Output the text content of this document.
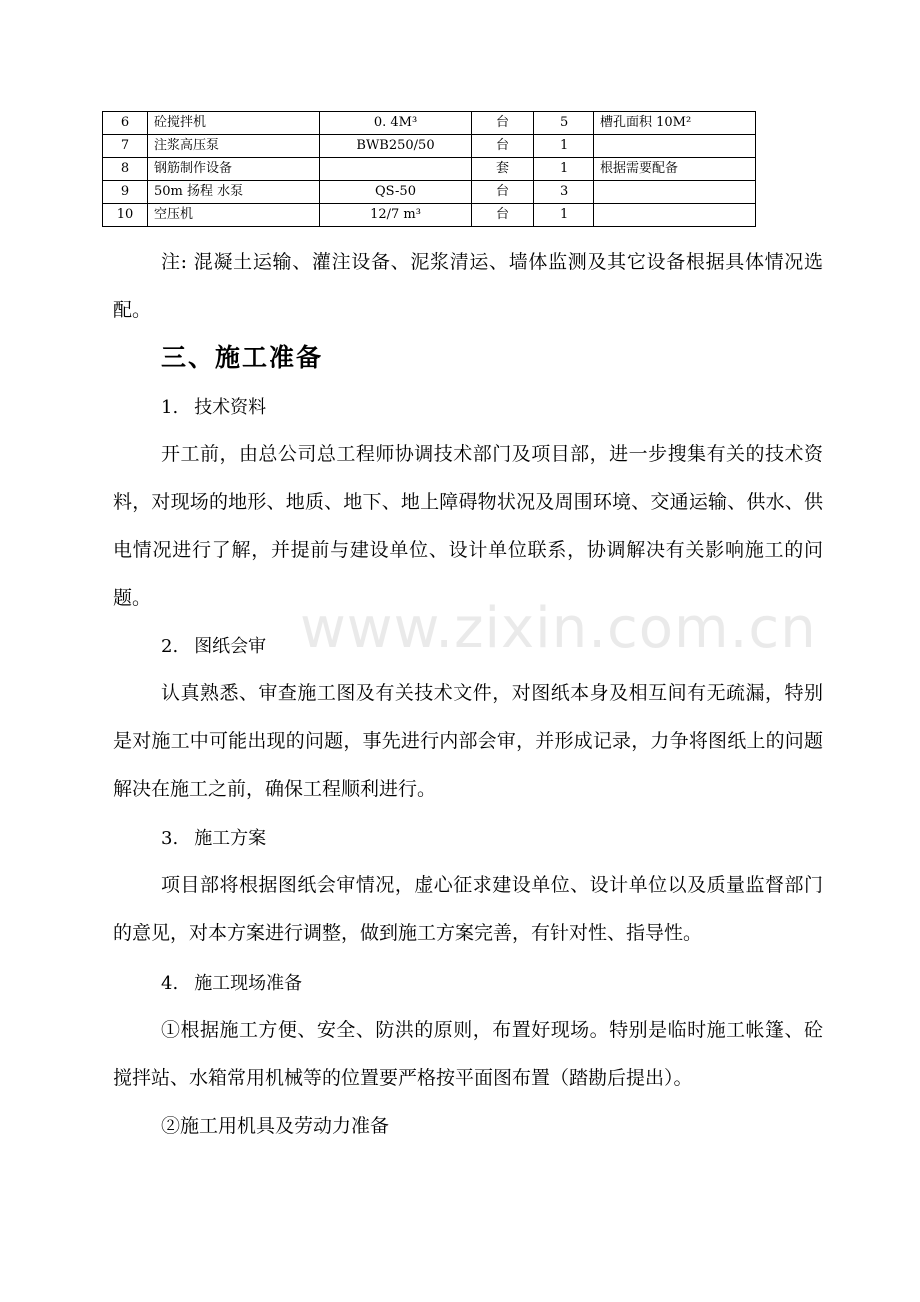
6	砼搅拌机	0. 4M³	台	5	槽孔面积 10M²
7	注浆高压泵	BWB250/50	台	1	
8	钢筋制作设备		套	1	根据需要配备
9	50m 扬程 水泵	QS-50	台	3	
10	空压机	12/7 m³	台	1	

注: 混凝土运输、灌注设备、泥浆清运、墙体监测及其它设备根据具体情况选配。

三、施工准备
1. 技术资料

开工前，由总公司总工程师协调技术部门及项目部，进一步搜集有关的技术资料，对现场的地形、地质、地下、地上障碍物状况及周围环境、交通运输、供水、供电情况进行了解，并提前与建设单位、设计单位联系，协调解决有关影响施工的问题。

2. 图纸会审

认真熟悉、审查施工图及有关技术文件，对图纸本身及相互间有无疏漏，特别是对施工中可能出现的问题，事先进行内部会审，并形成记录，力争将图纸上的问题解决在施工之前，确保工程顺利进行。

3. 施工方案

项目部将根据图纸会审情况，虚心征求建设单位、设计单位以及质量监督部门的意见，对本方案进行调整，做到施工方案完善，有针对性、指导性。

4. 施工现场准备

①根据施工方便、安全、防洪的原则，布置好现场。特别是临时施工帐篷、砼搅拌站、水箱常用机械等的位置要严格按平面图布置（踏勘后提出）。

②施工用机具及劳动力准备

www.zixin.com.cn
